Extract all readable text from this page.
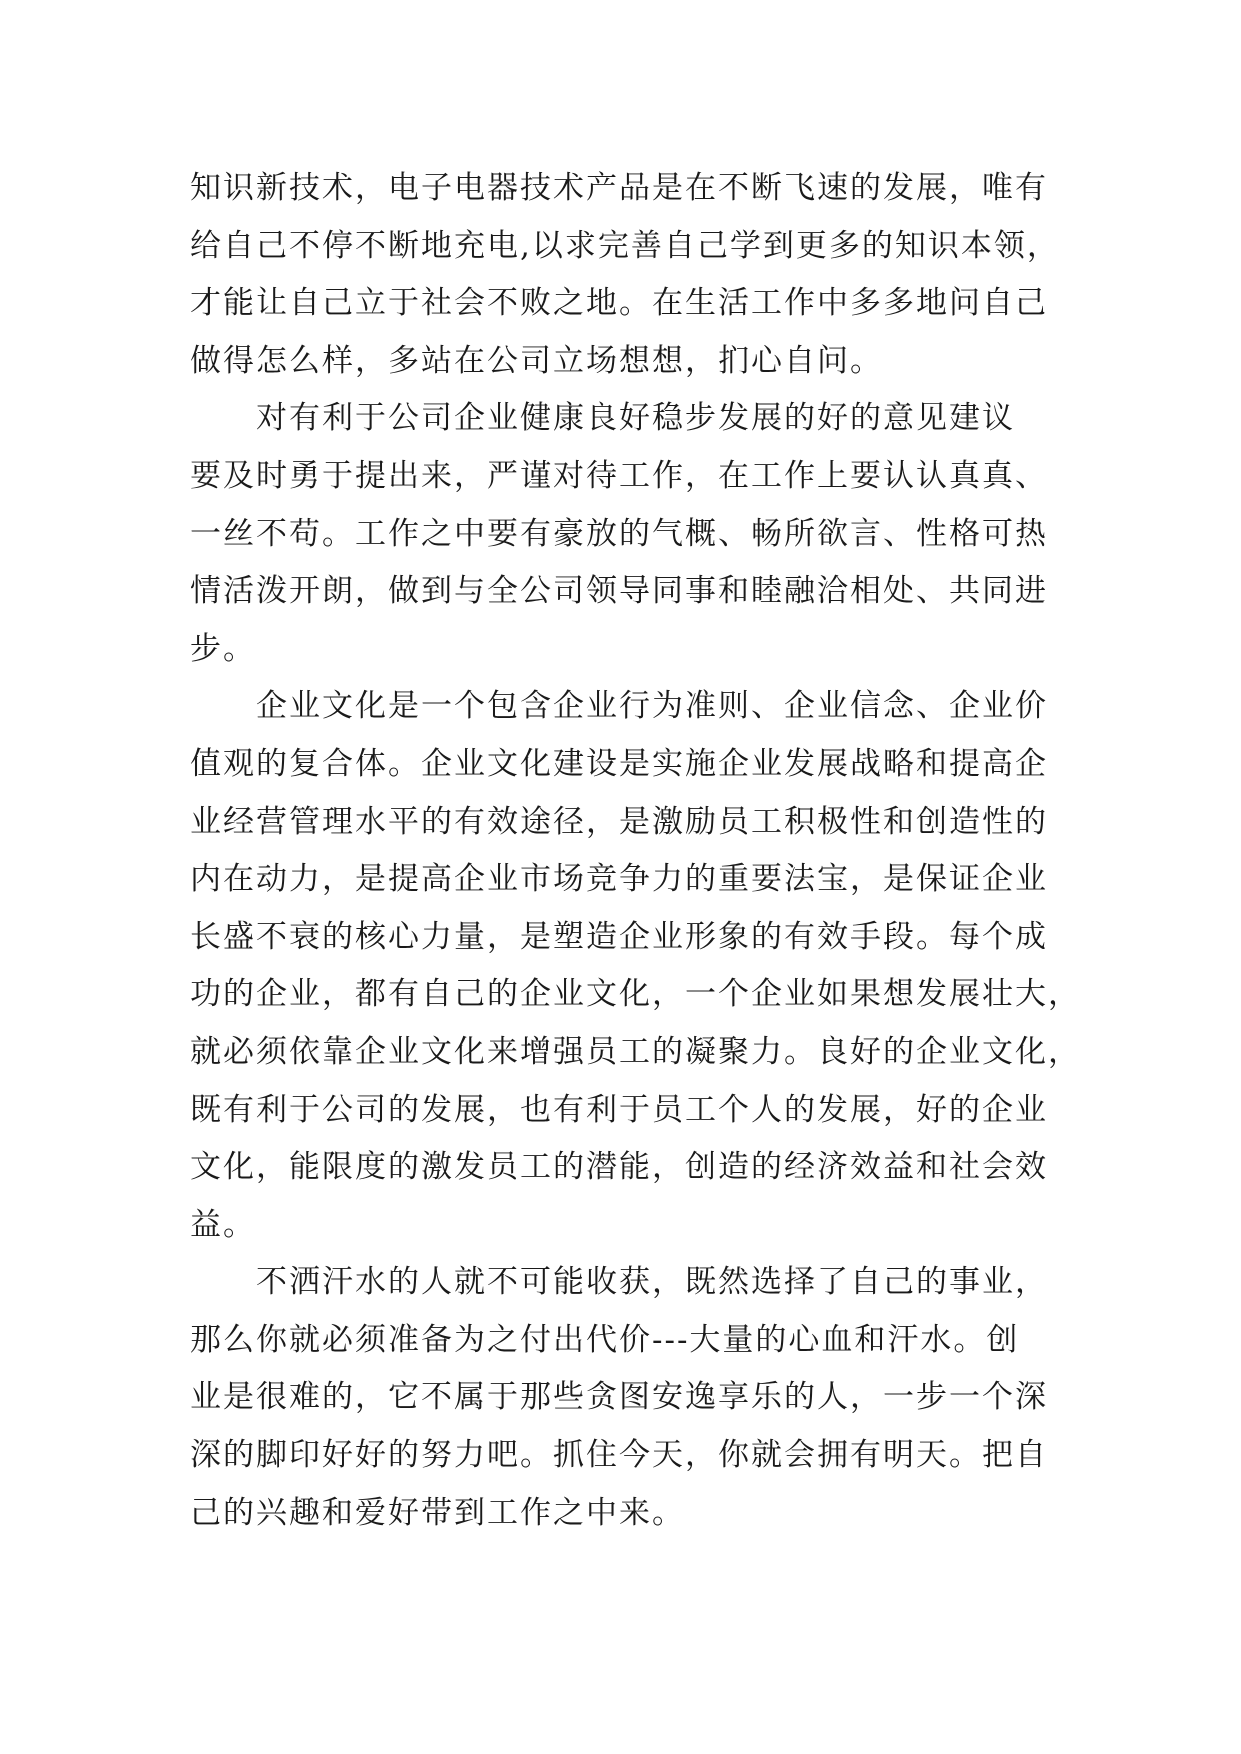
知识新技术，电子电器技术产品是在不断飞速的发展，唯有
给自己不停不断地充电,以求完善自己学到更多的知识本领，
才能让自己立于社会不败之地。在生活工作中多多地问自己
做得怎么样，多站在公司立场想想，扪心自问。
　　对有利于公司企业健康良好稳步发展的好的意见建议
要及时勇于提出来，严谨对待工作，在工作上要认认真真、
一丝不苟。工作之中要有豪放的气概、畅所欲言、性格可热
情活泼开朗，做到与全公司领导同事和睦融洽相处、共同进
步。
　　企业文化是一个包含企业行为准则、企业信念、企业价
值观的复合体。企业文化建设是实施企业发展战略和提高企
业经营管理水平的有效途径，是激励员工积极性和创造性的
内在动力，是提高企业市场竞争力的重要法宝，是保证企业
长盛不衰的核心力量，是塑造企业形象的有效手段。每个成
功的企业，都有自己的企业文化，一个企业如果想发展壮大，
就必须依靠企业文化来增强员工的凝聚力。良好的企业文化，
既有利于公司的发展，也有利于员工个人的发展，好的企业
文化，能限度的激发员工的潜能，创造的经济效益和社会效
益。
　　不洒汗水的人就不可能收获，既然选择了自己的事业，
那么你就必须准备为之付出代价---大量的心血和汗水。创
业是很难的，它不属于那些贪图安逸享乐的人，一步一个深
深的脚印好好的努力吧。抓住今天，你就会拥有明天。把自
己的兴趣和爱好带到工作之中来。
